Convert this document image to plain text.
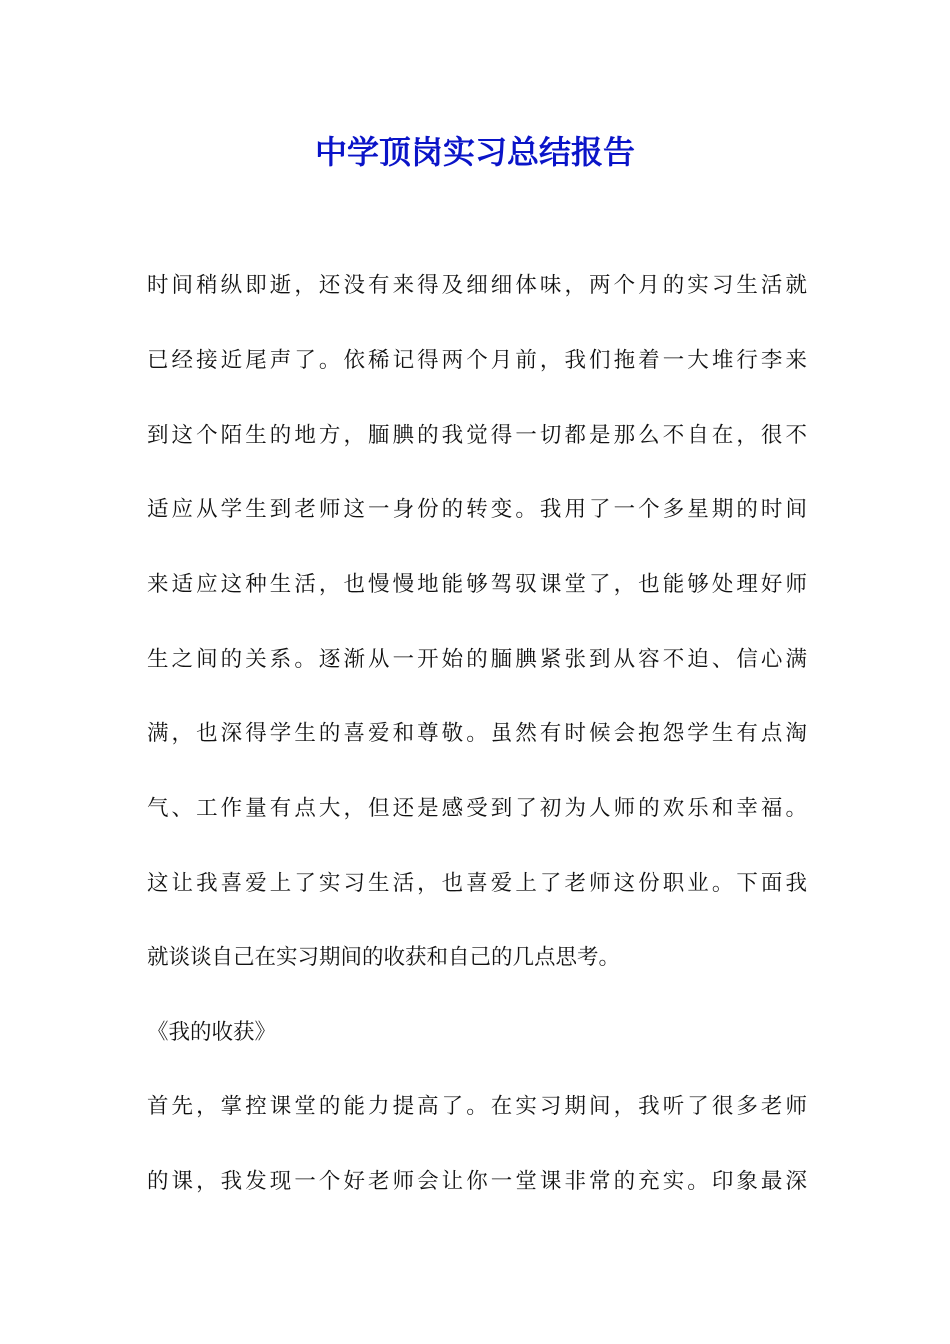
中学顶岗实习总结报告

时间稍纵即逝，还没有来得及细细体味，两个月的实习生活就

已经接近尾声了。依稀记得两个月前，我们拖着一大堆行李来

到这个陌生的地方，腼腆的我觉得一切都是那么不自在，很不

适应从学生到老师这一身份的转变。我用了一个多星期的时间

来适应这种生活，也慢慢地能够驾驭课堂了，也能够处理好师

生之间的关系。逐渐从一开始的腼腆紧张到从容不迫、信心满

满，也深得学生的喜爱和尊敬。虽然有时候会抱怨学生有点淘

气、工作量有点大，但还是感受到了初为人师的欢乐和幸福。

这让我喜爱上了实习生活，也喜爱上了老师这份职业。下面我

就谈谈自己在实习期间的收获和自己的几点思考。

《我的收获》

首先，掌控课堂的能力提高了。在实习期间，我听了很多老师

的课，我发现一个好老师会让你一堂课非常的充实。印象最深
